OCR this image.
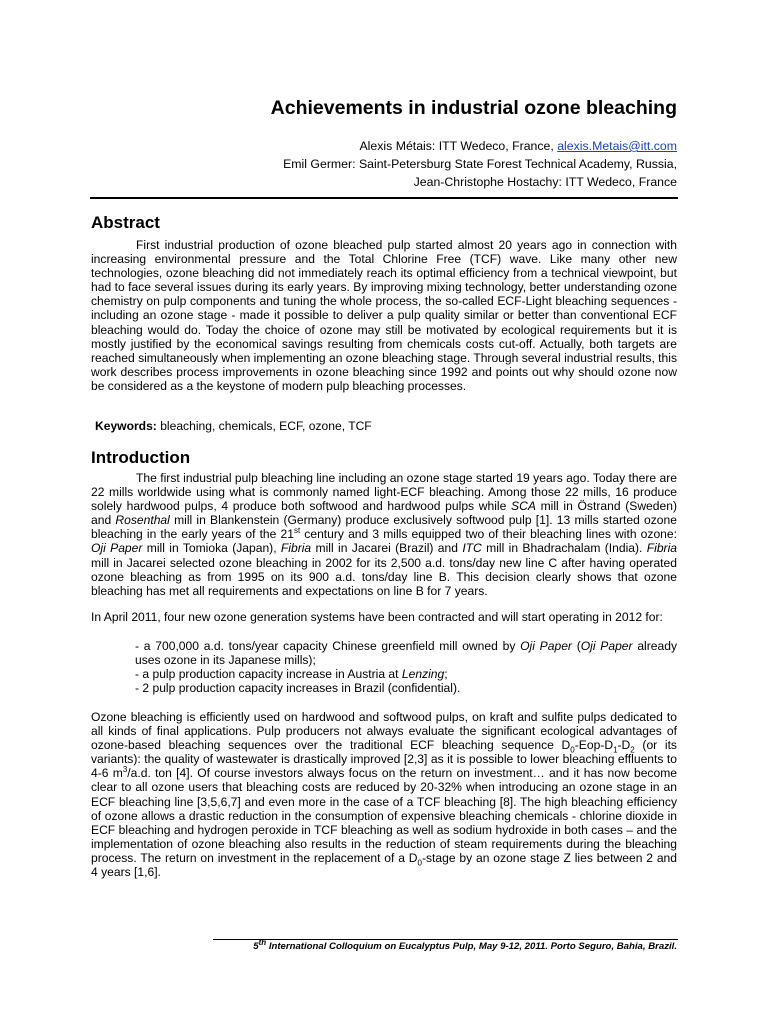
Achievements in industrial ozone bleaching
Alexis Métais: ITT Wedeco, France, alexis.Metais@itt.com
Emil Germer: Saint-Petersburg State Forest Technical Academy, Russia,
Jean-Christophe Hostachy: ITT Wedeco, France
Abstract
First industrial production of ozone bleached pulp started almost 20 years ago in connection with increasing environmental pressure and the Total Chlorine Free (TCF) wave. Like many other new technologies, ozone bleaching did not immediately reach its optimal efficiency from a technical viewpoint, but had to face several issues during its early years. By improving mixing technology, better understanding ozone chemistry on pulp components and tuning the whole process, the so-called ECF-Light bleaching sequences - including an ozone stage - made it possible to deliver a pulp quality similar or better than conventional ECF bleaching would do. Today the choice of ozone may still be motivated by ecological requirements but it is mostly justified by the economical savings resulting from chemicals costs cut-off. Actually, both targets are reached simultaneously when implementing an ozone bleaching stage. Through several industrial results, this work describes process improvements in ozone bleaching since 1992 and points out why should ozone now be considered as a the keystone of modern pulp bleaching processes.
Keywords: bleaching, chemicals, ECF, ozone, TCF
Introduction
The first industrial pulp bleaching line including an ozone stage started 19 years ago. Today there are 22 mills worldwide using what is commonly named light-ECF bleaching. Among those 22 mills, 16 produce solely hardwood pulps, 4 produce both softwood and hardwood pulps while SCA mill in Östrand (Sweden) and Rosenthal mill in Blankenstein (Germany) produce exclusively softwood pulp [1]. 13 mills started ozone bleaching in the early years of the 21st century and 3 mills equipped two of their bleaching lines with ozone: Oji Paper mill in Tomioka (Japan), Fibria mill in Jacarei (Brazil) and ITC mill in Bhadrachalam (India). Fibria mill in Jacarei selected ozone bleaching in 2002 for its 2,500 a.d. tons/day new line C after having operated ozone bleaching as from 1995 on its 900 a.d. tons/day line B. This decision clearly shows that ozone bleaching has met all requirements and expectations on line B for 7 years.
In April 2011, four new ozone generation systems have been contracted and will start operating in 2012 for:
- a 700,000 a.d. tons/year capacity Chinese greenfield mill owned by Oji Paper (Oji Paper already uses ozone in its Japanese mills);
- a pulp production capacity increase in Austria at Lenzing;
- 2 pulp production capacity increases in Brazil (confidential).
Ozone bleaching is efficiently used on hardwood and softwood pulps, on kraft and sulfite pulps dedicated to all kinds of final applications. Pulp producers not always evaluate the significant ecological advantages of ozone-based bleaching sequences over the traditional ECF bleaching sequence $D_0-Eop-D_1-D_2$ (or its variants): the quality of wastewater is drastically improved [2,3] as it is possible to lower bleaching effluents to 4-6 $m^3/a.d$. ton [4]. Of course investors always focus on the return on investment… and it has now become clear to all ozone users that bleaching costs are reduced by 20-32% when introducing an ozone stage in an ECF bleaching line [3,5,6,7] and even more in the case of a TCF bleaching [8]. The high bleaching efficiency of ozone allows a drastic reduction in the consumption of expensive bleaching chemicals - chlorine dioxide in ECF bleaching and hydrogen peroxide in TCF bleaching as well as sodium hydroxide in both cases – and the implementation of ozone bleaching also results in the reduction of steam requirements during the bleaching process. The return on investment in the replacement of a $D_0$-stage by an ozone stage Z lies between 2 and 4 years [1,6].
5th International Colloquium on Eucalyptus Pulp, May 9-12, 2011. Porto Seguro, Bahia, Brazil.
